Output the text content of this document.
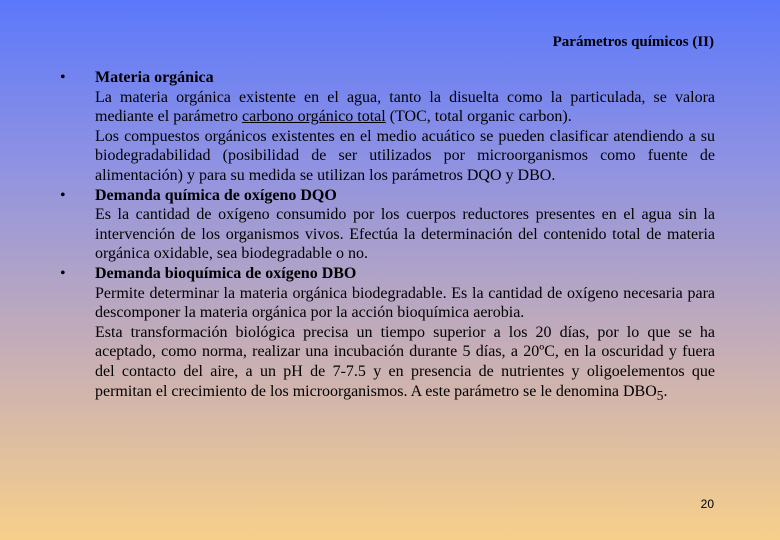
Parámetros químicos (II)
• Materia orgánica
La materia orgánica existente en el agua, tanto la disuelta como la particulada, se valora mediante el parámetro carbono orgánico total (TOC, total organic carbon).
Los compuestos orgánicos existentes en el medio acuático se pueden clasificar atendiendo a su biodegradabilidad (posibilidad de ser utilizados por microorganismos como fuente de alimentación) y para su medida se utilizan los parámetros DQO y DBO.
• Demanda química de oxígeno DQO
Es la cantidad de oxígeno consumido por los cuerpos reductores presentes en el agua sin la intervención de los organismos vivos. Efectúa la determinación del contenido total de materia orgánica oxidable, sea biodegradable o no.
• Demanda bioquímica de oxígeno DBO
Permite determinar la materia orgánica biodegradable. Es la cantidad de oxígeno necesaria para descomponer la materia orgánica por la acción bioquímica aerobia.
Esta transformación biológica precisa un tiempo superior a los 20 días, por lo que se ha aceptado, como norma, realizar una incubación durante 5 días, a 20ºC, en la oscuridad y fuera del contacto del aire, a un pH de 7-7.5 y en presencia de nutrientes y oligoelementos que permitan el crecimiento de los microorganismos. A este parámetro se le denomina $DBO_5$.
20
